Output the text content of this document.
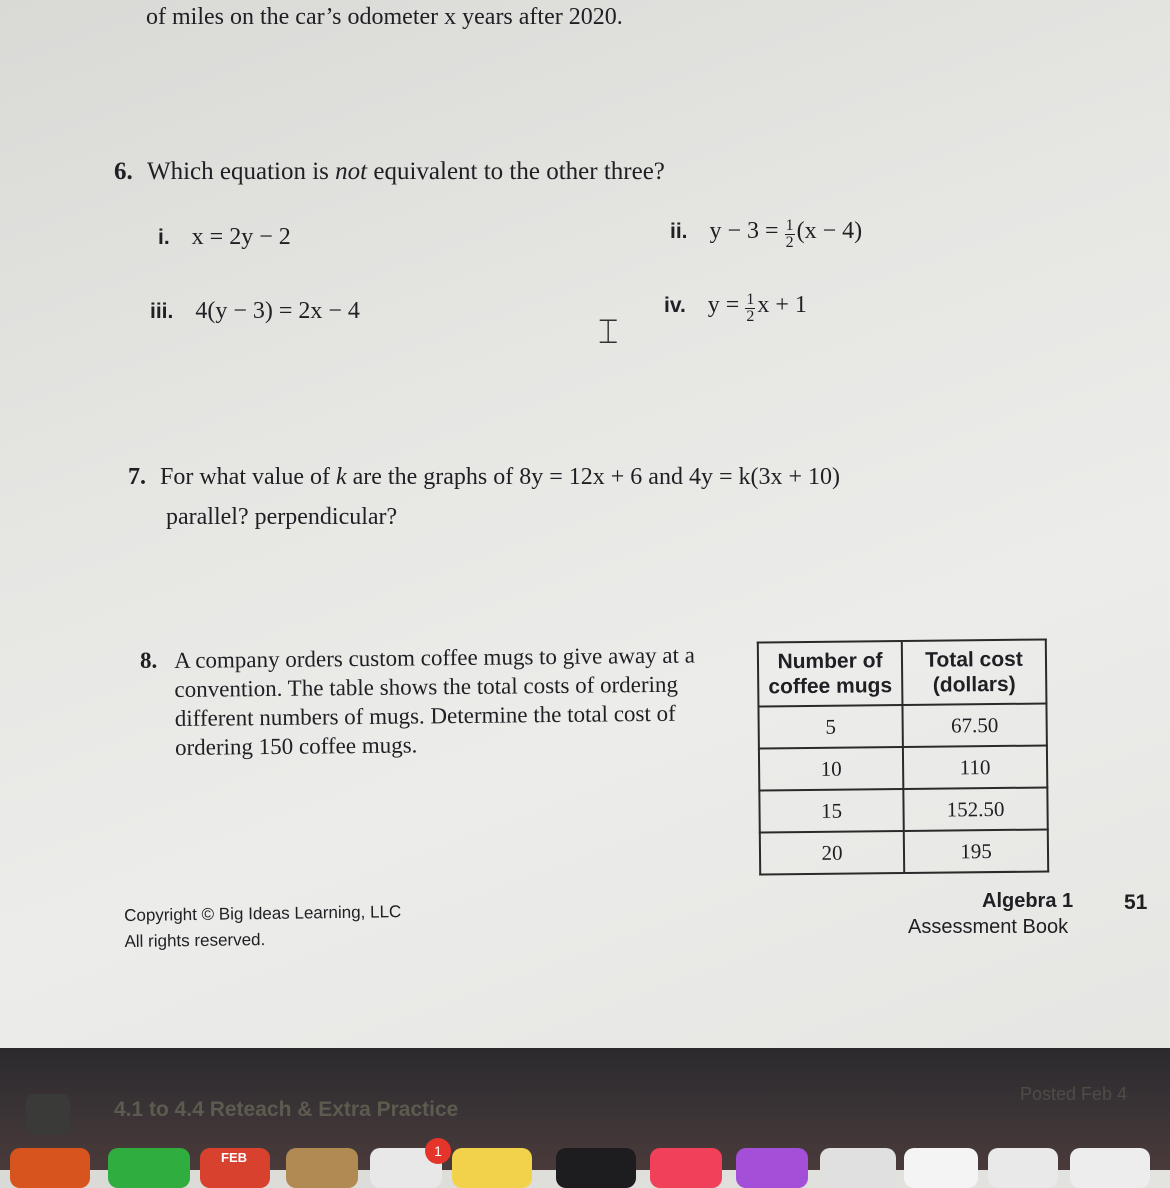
of miles on the car’s odometer x years after 2020.
6. Which equation is not equivalent to the other three?
i. x = 2y − 2	ii. $y - 3 = \frac{1}{2} (x - 4)$
iii. 4(y − 3) = 2x − 4	iv. $y = \frac{1}{2}$ x + 1
⌶
7. For what value of k are the graphs of 8y = 12x + 6 and 4y = k(3x + 10)
parallel? perpendicular?
8. A company orders custom coffee mugs to give away at a
convention. The table shows the total costs of ordering
different numbers of mugs. Determine the total cost of
ordering 150 coffee mugs.
Number of
coffee mugs	Total cost
(dollars)
5	67.50
10	110
15	152.50
20	195
Copyright © Big Ideas Learning, LLC
All rights reserved.
Algebra 1
Assessment Book
51
4.1 to 4.4 Reteach & Extra Practice
Posted Feb 4
FEB	1
